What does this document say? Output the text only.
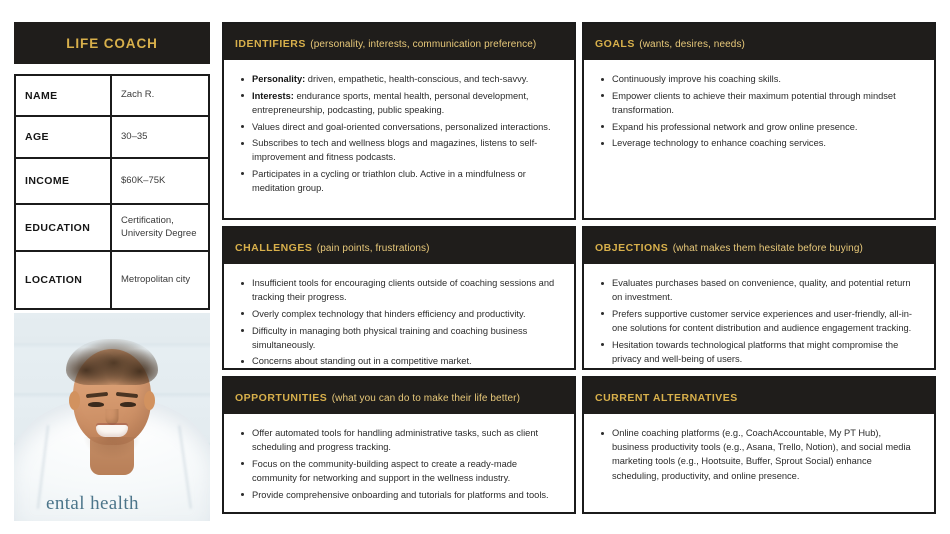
LIFE COACH
NAME	Zach R.
AGE	30–35
INCOME	$60K–75K
EDUCATION	Certification, University Degree
LOCATION	Metropolitan city
ental health
IDENTIFIERS (personality, interests, communication preference)
Personality: driven, empathetic, health-conscious, and tech-savvy.
Interests: endurance sports, mental health, personal development, entrepreneurship, podcasting, public speaking.
Values direct and goal-oriented conversations, personalized interactions.
Subscribes to tech and wellness blogs and magazines, listens to self-improvement and fitness podcasts.
Participates in a cycling or triathlon club. Active in a mindfulness or meditation group.
GOALS (wants, desires, needs)
Continuously improve his coaching skills.
Empower clients to achieve their maximum potential through mindset transformation.
Expand his professional network and grow online presence.
Leverage technology to enhance coaching services.
CHALLENGES (pain points, frustrations)
Insufficient tools for encouraging clients outside of coaching sessions and tracking their progress.
Overly complex technology that hinders efficiency and productivity.
Difficulty in managing both physical training and coaching business simultaneously.
Concerns about standing out in a competitive market.
OBJECTIONS (what makes them hesitate before buying)
Evaluates purchases based on convenience, quality, and potential return on investment.
Prefers supportive customer service experiences and user-friendly, all-in-one solutions for content distribution and audience engagement tracking.
Hesitation towards technological platforms that might compromise the privacy and well-being of users.
OPPORTUNITIES (what you can do to make their life better)
Offer automated tools for handling administrative tasks, such as client scheduling and progress tracking.
Focus on the community-building aspect to create a ready-made community for networking and support in the wellness industry.
Provide comprehensive onboarding and tutorials for platforms and tools.
CURRENT ALTERNATIVES
Online coaching platforms (e.g., CoachAccountable, My PT Hub), business productivity tools (e.g., Asana, Trello, Notion), and social media marketing tools (e.g., Hootsuite, Buffer, Sprout Social) enhance scheduling, productivity, and online presence.
